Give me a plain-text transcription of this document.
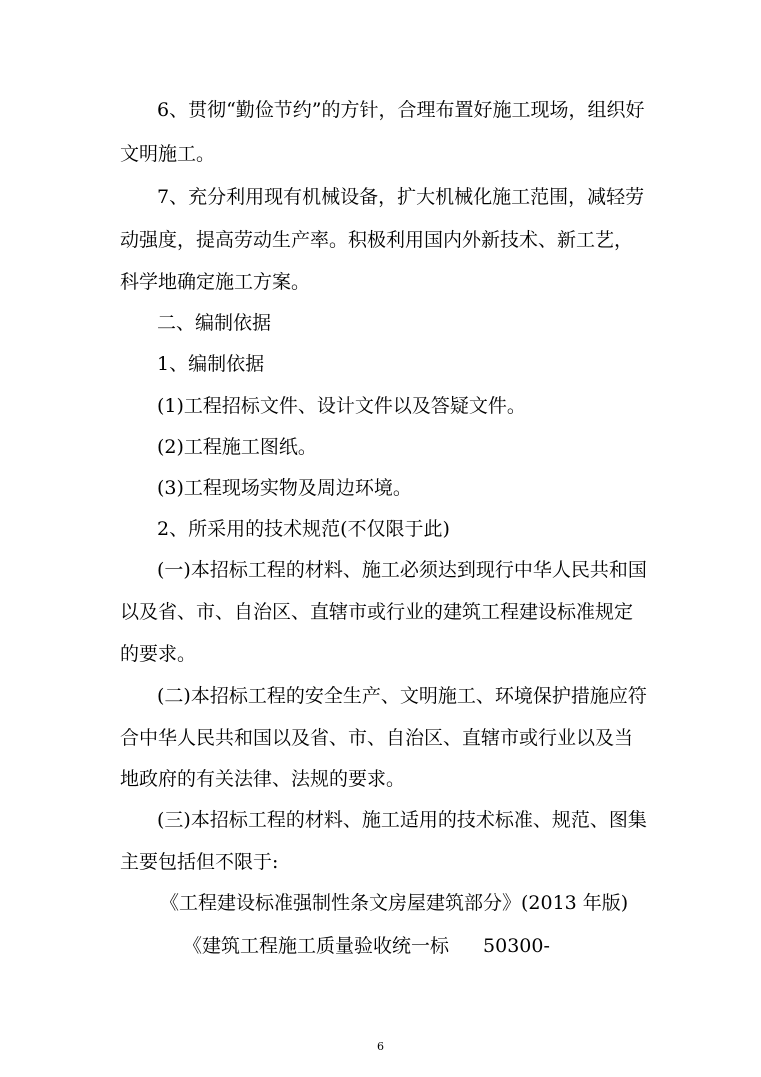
6、贯彻“勤俭节约”的方针，合理布置好施工现场，组织好
文明施工。
7、充分利用现有机械设备，扩大机械化施工范围，减轻劳
动强度，提高劳动生产率。积极利用国内外新技术、新工艺，
科学地确定施工方案。
二、编制依据
1、编制依据
(1)工程招标文件、设计文件以及答疑文件。
(2)工程施工图纸。
(3)工程现场实物及周边环境。
2、所采用的技术规范(不仅限于此)
(一)本招标工程的材料、施工必须达到现行中华人民共和国
以及省、市、自治区、直辖市或行业的建筑工程建设标准规定
的要求。
(二)本招标工程的安全生产、文明施工、环境保护措施应符
合中华人民共和国以及省、市、自治区、直辖市或行业以及当
地政府的有关法律、法规的要求。
(三)本招标工程的材料、施工适用的技术标准、规范、图集
主要包括但不限于:
《工程建设标准强制性条文房屋建筑部分》(2013 年版)
《建筑工程施工质量验收统一标 50300-
6
